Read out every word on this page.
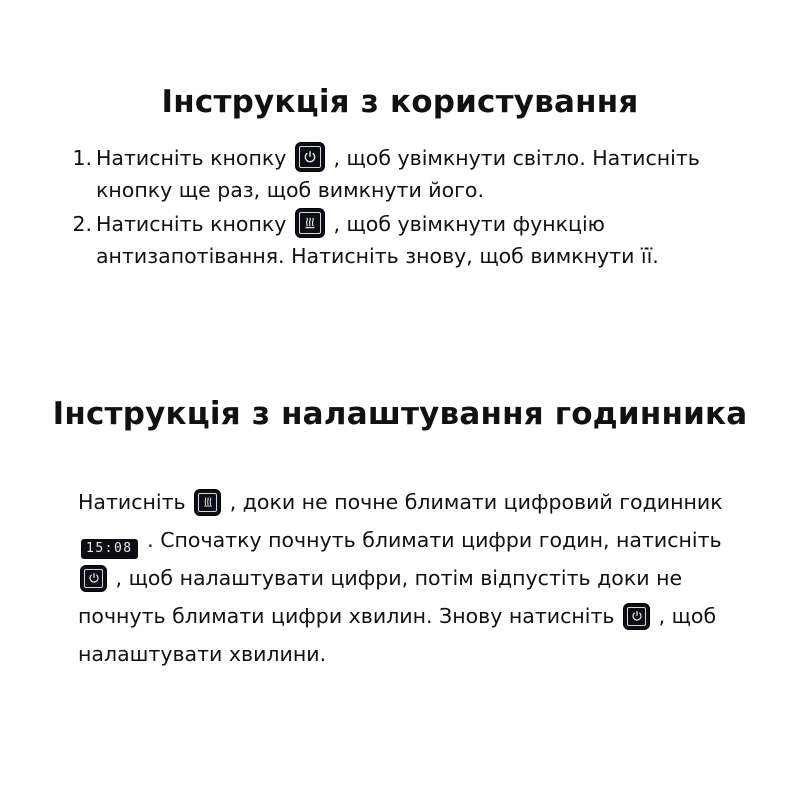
Інструкція з користування
1. Натисніть кнопку , щоб увімкнути світло. Натисніть кнопку ще раз, щоб вимкнути його.
2. Натисніть кнопку , щоб увімкнути функцію антизапотівання. Натисніть знову, щоб вимкнути її.
Інструкція з налаштування годинника

Натисніть , доки не почне блимати цифровий годинник 15:08 . Спочатку почнуть блимати цифри годин, натисніть
, щоб налаштувати цифри, потім відпустіть доки не почнуть блимати цифри хвилин. Знову натисніть , щоб налаштувати хвилини.
